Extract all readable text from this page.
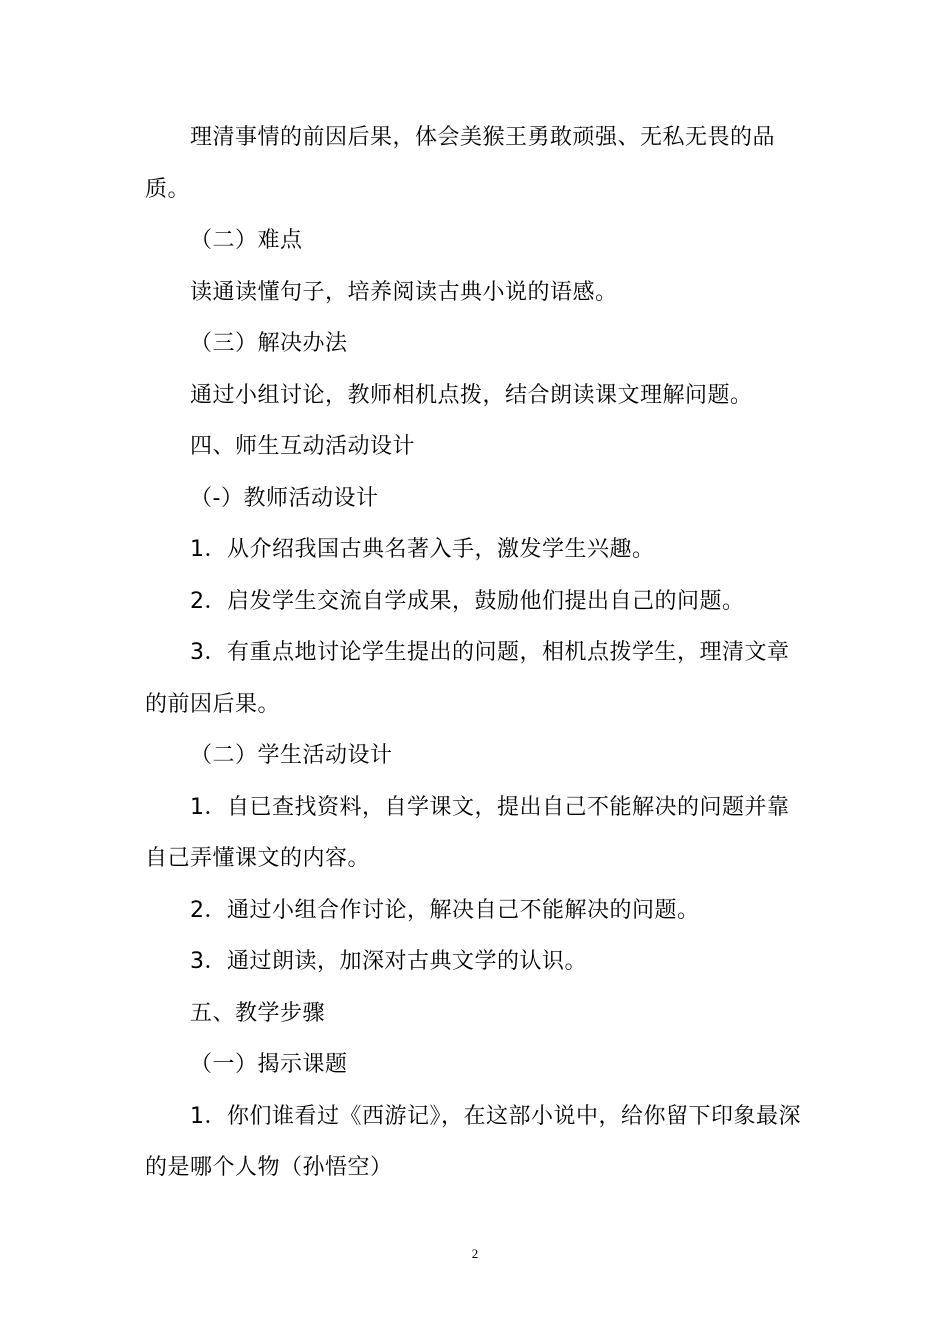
理清事情的前因后果，体会美猴王勇敢顽强、无私无畏的品质。

（二）难点

读通读懂句子，培养阅读古典小说的语感。

（三）解决办法

通过小组讨论，教师相机点拨，结合朗读课文理解问题。

四、师生互动活动设计

（-）教师活动设计

1．从介绍我国古典名著入手，激发学生兴趣。

2．启发学生交流自学成果，鼓励他们提出自己的问题。

3．有重点地讨论学生提出的问题，相机点拨学生，理清文章的前因后果。

（二）学生活动设计

1．自已查找资料，自学课文，提出自己不能解决的问题并靠自己弄懂课文的内容。

2．通过小组合作讨论，解决自己不能解决的问题。

3．通过朗读，加深对古典文学的认识。

五、教学步骤

（一）揭示课题

1．你们谁看过《西游记》，在这部小说中，给你留下印象最深的是哪个人物（孙悟空）

2
